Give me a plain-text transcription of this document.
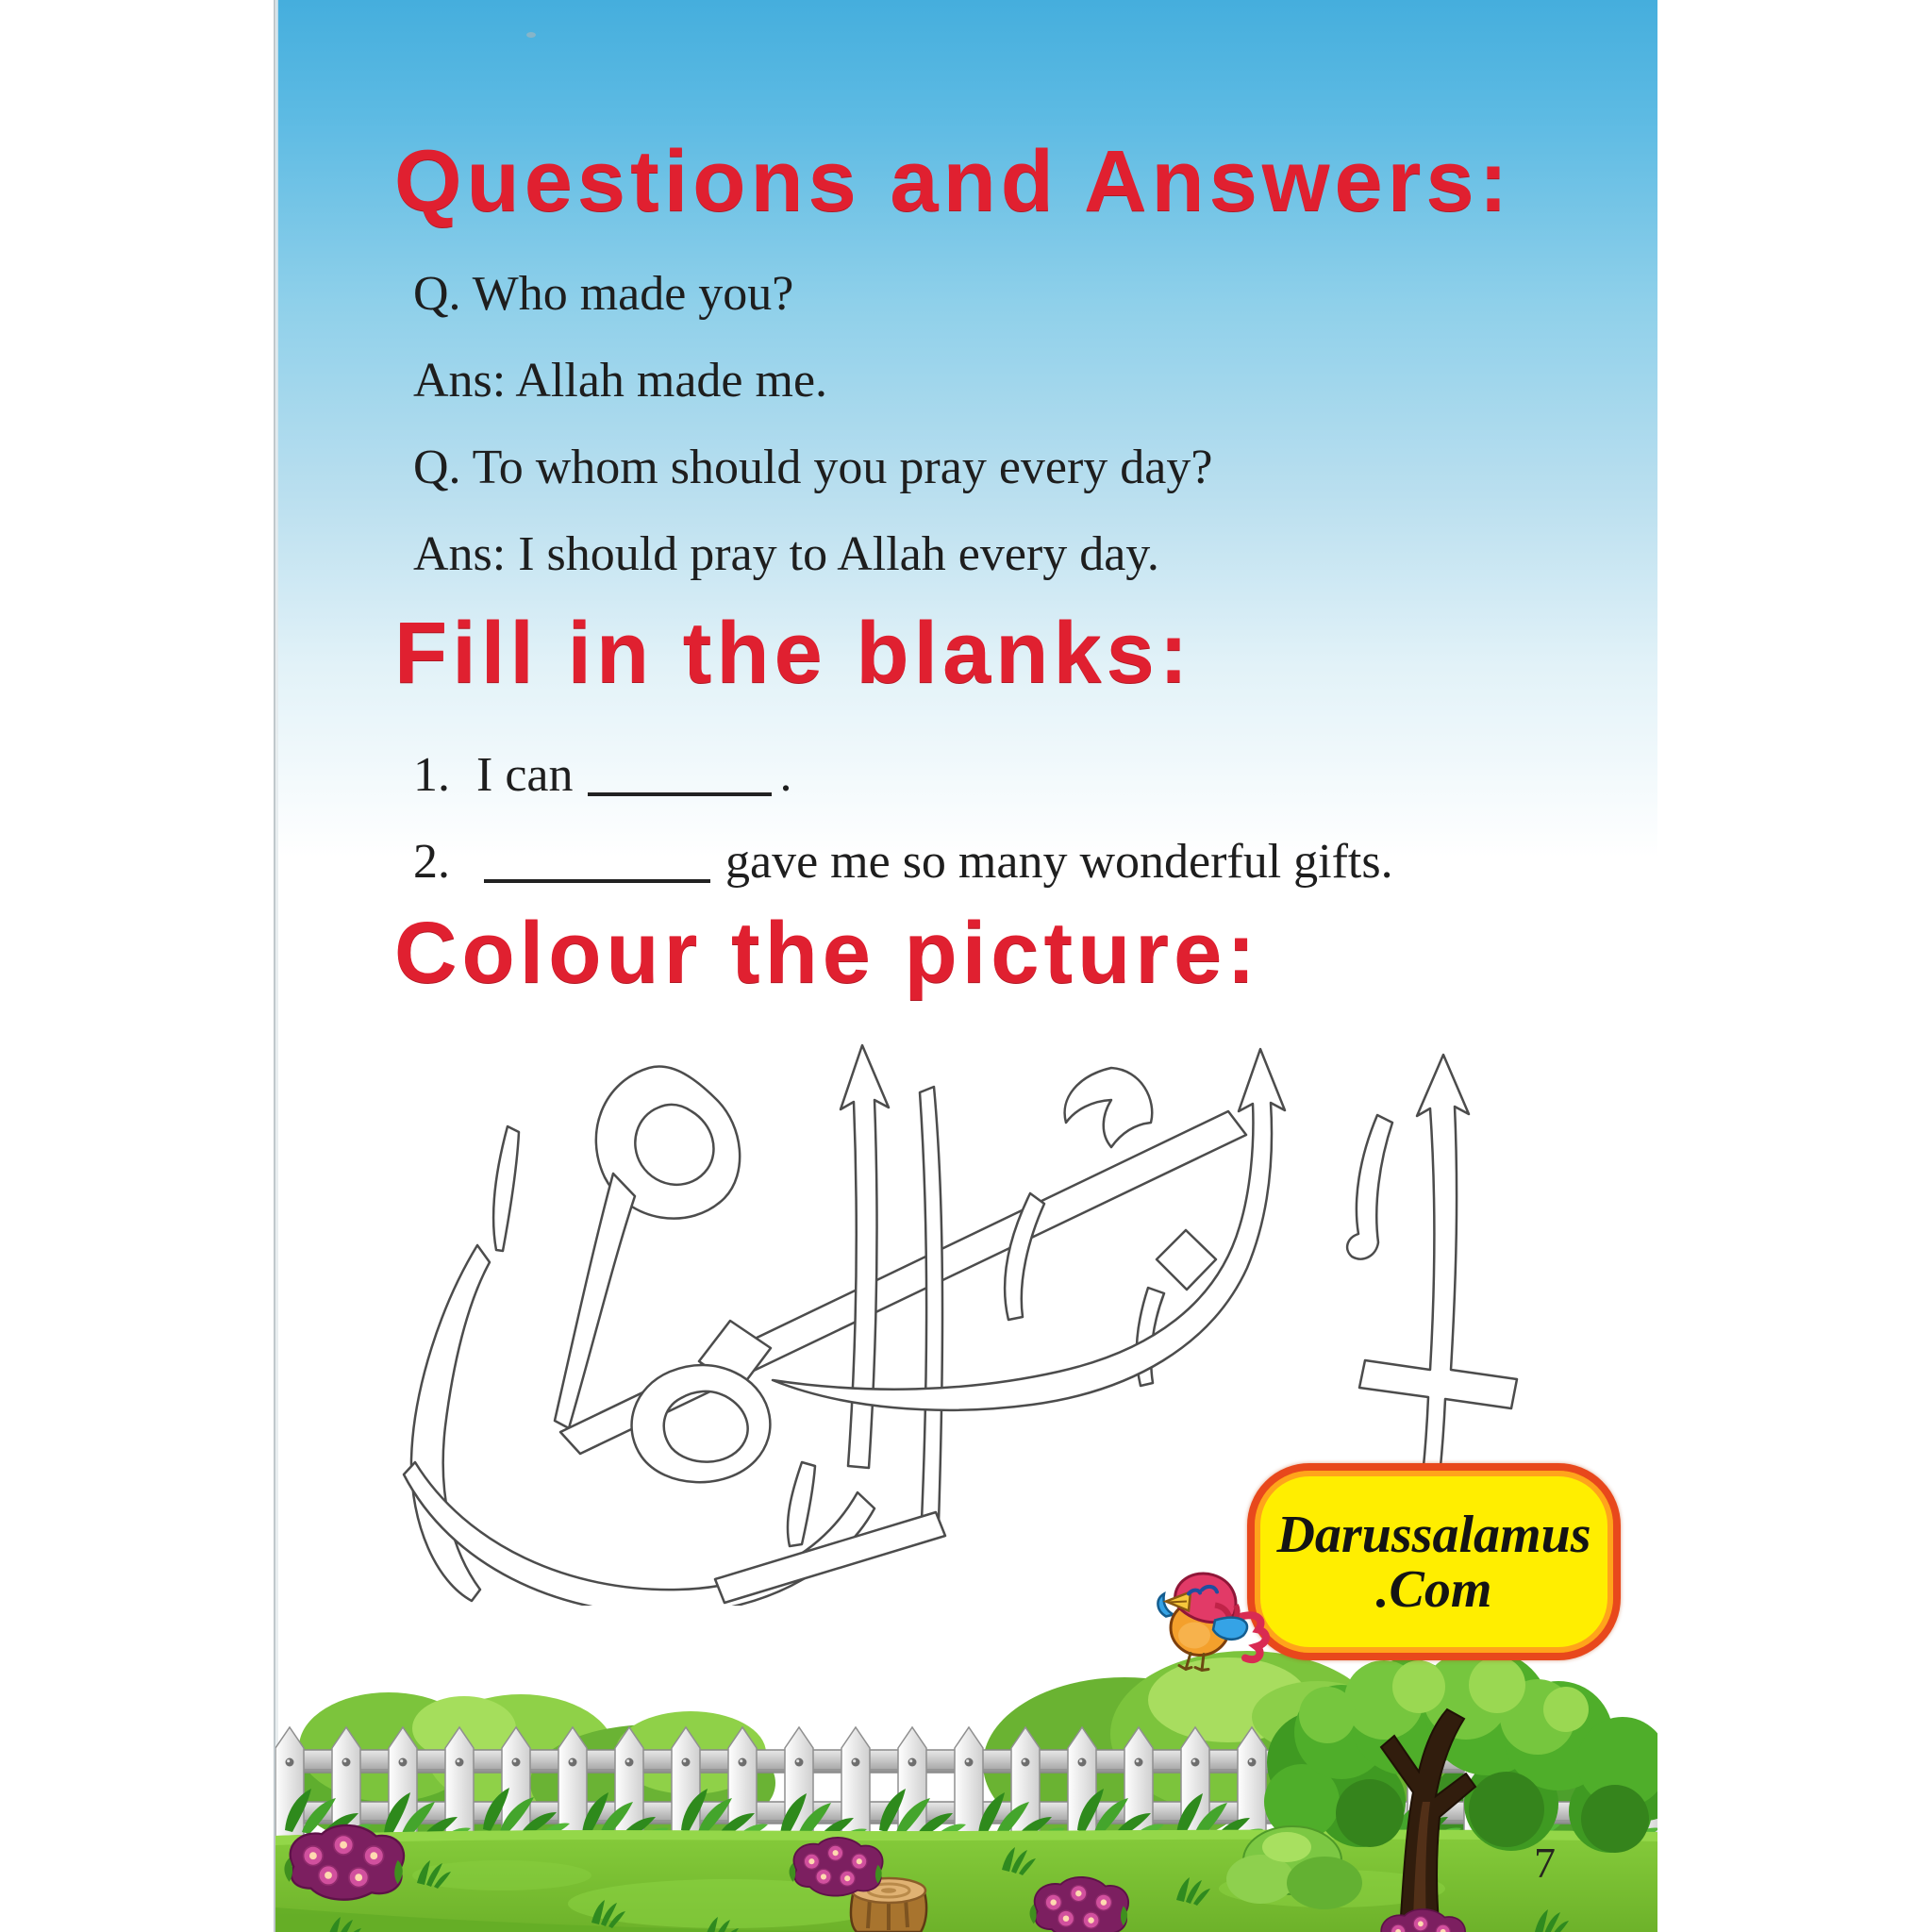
Questions and Answers:
Q. Who made you?
Ans: Allah made me.
Q. To whom should you pray every day?
Ans: I should pray to Allah every day.
Fill in the blanks:
1. I can	.
2.	gave me so many wonderful gifts.
Colour the picture:
Darussalamus
.Com
7
